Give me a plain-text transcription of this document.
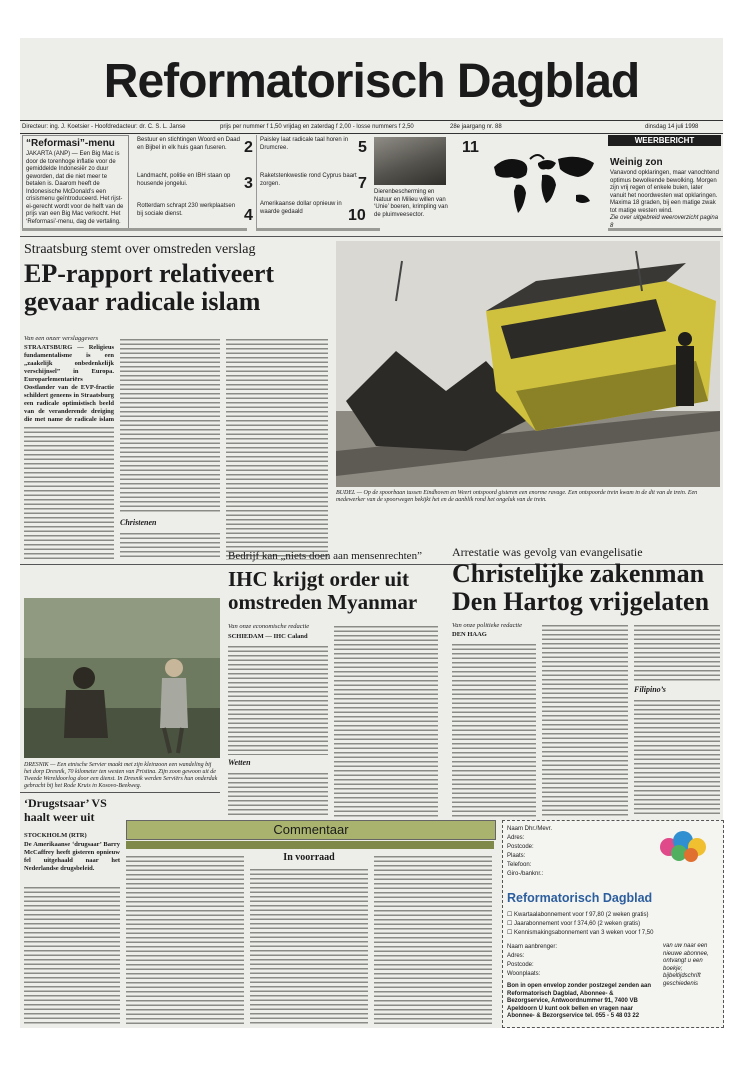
Reformatorisch Dagblad
Directeur: ing. J. Koetsier - Hoofdredacteur: dr. C. S. L. Janse	prijs per nummer f 1,50 vrijdag en zaterdag f 2,00 - losse nummers f 2,50	28e jaargang nr. 88	dinsdag 14 juli 1998
“Reformasi”-menu
JAKARTA (ANP) — Een Big Mac is door de torenhoge inflatie voor de gemiddelde Indonesiër zo duur geworden, dat die niet meer te betalen is. Daarom heeft de Indonesische McDonald’s een crisismenu geïntroduceerd. Het rijst-ei-gerecht wordt voor de helft van de prijs van een Big Mac verkocht. Het ‘Reformasi’-menu, dag de vertaling.
Bestuur en stichtingen Woord en Daad en Bijbel in elk huis gaan fuseren.	2
Landmacht, politie en IBH staan op housende jongelui.	3
Rotterdam schrapt 230 werkplaatsen bij sociale dienst.	4
Paisley laat radicale taal horen in Drumcree.	5
Raketstenkwestie rond Cyprus baart zorgen.	7
Amerikaanse dollar opnieuw in waarde gedaald	10
Dierenbescherming en Natuur en Milieu willen van ‘Unie’ boeren, krimpling van de pluimveesector.
11	WEERBERICHT
Weinig zon
Vanavond opklaringen, maar vanochtend optimus bewolkende bewolking. Morgen zijn vrij regen of enkele buien, later vanuit het noordwesten wat opklaringen. Maxima 18 graden, bij een matige zwak tot matige westen wind.
Zie over uitgebreid weeroverzicht pagina 8
Straatsburg stemt over omstreden verslag
EP-rapport relativeert gevaar radicale islam
Van een onzer verslaggevers
STRAATSBURG — Religieus fundamentalisme is een „zaakelijk onbedenkelijk verschijnsel” in Europa. Europarlementariërs Oostlander van de EVP-fractie schildert geneens in Straatsburg een radicale optimistisch beeld van de veranderende dreiging die met name de radicale islam
Christenen
BUDEL — Op de spoorbaan tussen Eindhoven en Weert ontspoord gisteren een enorme ravage. Een ontspoorde trein kwam in de dit van de trein. Een medewerker van de spoorwegen bekijkt het en de aanblik rond het ongeluk van de trein.
Bedrijf kan „niets doen aan mensenrechten”
IHC krijgt order uit omstreden Myanmar
Van onze economische redactie
SCHIEDAM — IHC Caland
Wetten
DRESNIK — Een etnische Servier maakt met zijn kleinzoon een wandeling bij het dorp Dresnik, 70 kilometer ten westen van Pristina. Zijn zoon gewoon uit de Tweede Wereldoorlog door een dienst. In Dresnik werden Serviërs hun onderdak gebracht bij het Rode Kruis in Kosovo-Beekweg.
‘Drugstsaar’ VS haalt weer uit
STOCKHOLM (RTR)
De Amerikaanse ‘drugsaar’ Barry McCaffrey heeft gisteren opnieuw fel uitgehaald naar het Nederlandse drugsbeleid.
Arrestatie was gevolg van evangelisatie
Christelijke zakenman Den Hartog vrijgelaten
Van onze politieke redactie
DEN HAAG
Filipino’s
Commentaar
In voorraad
Naam Dhr./Mevr.
Adres:
Postcode:
Plaats:
Telefoon:
Giro-/banknr.:
Reformatorisch Dagblad
☐ Kwartaalabonnement voor f 97,80 (2 weken gratis)
☐ Jaarabonnement voor f 374,60 (2 weken gratis)
☐ Kennismakingsabonnement van 3 weken voor f 7,50
Naam aanbrenger:
Adres:
Postcode:
Woonplaats:
Bon in open envelop zonder postzegel zenden aan Reformatorisch Dagblad, Abonnee- & Bezorgservice, Antwoordnummer 91, 7400 VB Apeldoorn U kunt ook bellen en vragen naar Abonnee- & Bezorgservice tel. 055 - 5 48 03 22
van uw naar een nieuwe abonnee, ontvangt u een boekje; bijbeltijdschrift geschiedenis
